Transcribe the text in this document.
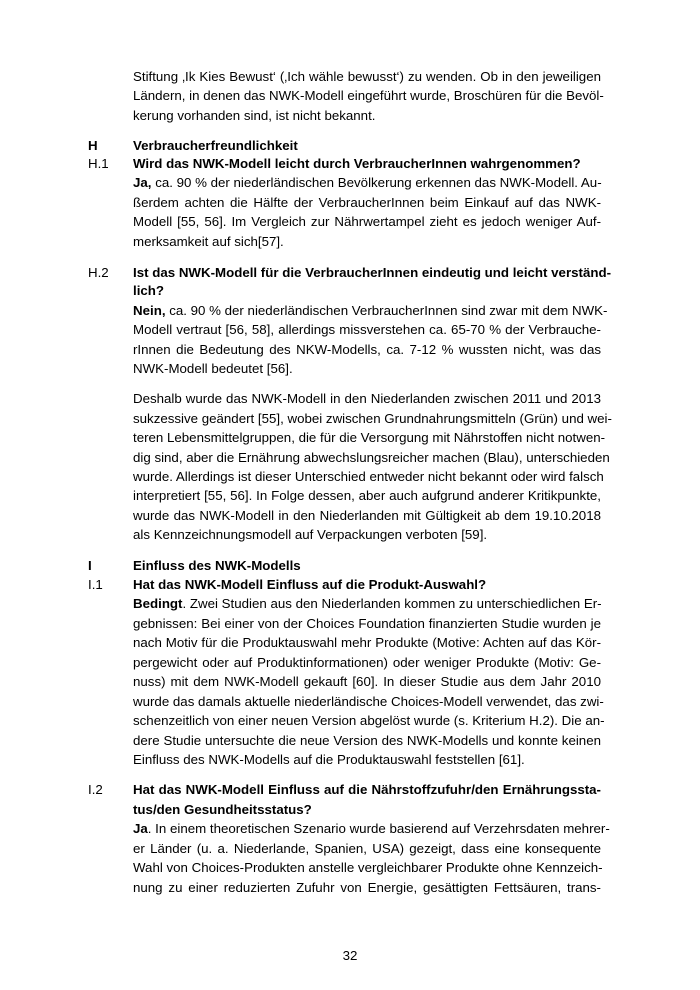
Stiftung ‚Ik Kies Bewust‘ (‚Ich wähle bewusst‘) zu wenden. Ob in den jeweiligen
Ländern, in denen das NWK-Modell eingeführt wurde, Broschüren für die Bevöl-
kerung vorhanden sind, ist nicht bekannt.
H	Verbraucherfreundlichkeit
H.1 Wird das NWK-Modell leicht durch VerbraucherInnen wahrgenommen?
Ja, ca. 90 % der niederländischen Bevölkerung erkennen das NWK-Modell. Au-
ßerdem achten die Hälfte der VerbraucherInnen beim Einkauf auf das NWK-
Modell [55, 56]. Im Vergleich zur Nährwertampel zieht es jedoch weniger Auf-
merksamkeit auf sich[57].
H.2 Ist das NWK-Modell für die VerbraucherInnen eindeutig und leicht verständ-
lich?
Nein, ca. 90 % der niederländischen VerbraucherInnen sind zwar mit dem NWK-
Modell vertraut [56, 58], allerdings missverstehen ca. 65-70 % der Verbrauche-
rInnen die Bedeutung des NKW-Modells, ca. 7-12 % wussten nicht, was das
NWK-Modell bedeutet [56].
Deshalb wurde das NWK-Modell in den Niederlanden zwischen 2011 und 2013
sukzessive geändert [55], wobei zwischen Grundnahrungsmitteln (Grün) und wei-
teren Lebensmittelgruppen, die für die Versorgung mit Nährstoffen nicht notwen-
dig sind, aber die Ernährung abwechslungsreicher machen (Blau), unterschieden
wurde. Allerdings ist dieser Unterschied entweder nicht bekannt oder wird falsch
interpretiert [55, 56]. In Folge dessen, aber auch aufgrund anderer Kritikpunkte,
wurde das NWK-Modell in den Niederlanden mit Gültigkeit ab dem 19.10.2018
als Kennzeichnungsmodell auf Verpackungen verboten [59].
I	Einfluss des NWK-Modells
I.1 Hat das NWK-Modell Einfluss auf die Produkt-Auswahl?
Bedingt. Zwei Studien aus den Niederlanden kommen zu unterschiedlichen Er-
gebnissen: Bei einer von der Choices Foundation finanzierten Studie wurden je
nach Motiv für die Produktauswahl mehr Produkte (Motive: Achten auf das Kör-
pergewicht oder auf Produktinformationen) oder weniger Produkte (Motiv: Ge-
nuss) mit dem NWK-Modell gekauft [60]. In dieser Studie aus dem Jahr 2010
wurde das damals aktuelle niederländische Choices-Modell verwendet, das zwi-
schenzeitlich von einer neuen Version abgelöst wurde (s. Kriterium H.2). Die an-
dere Studie untersuchte die neue Version des NWK-Modells und konnte keinen
Einfluss des NWK-Modells auf die Produktauswahl feststellen [61].
I.2 Hat das NWK-Modell Einfluss auf die Nährstoffzufuhr/den Ernährungssta-
tus/den Gesundheitsstatus?
Ja. In einem theoretischen Szenario wurde basierend auf Verzehrsdaten mehrer-
er Länder (u. a. Niederlande, Spanien, USA) gezeigt, dass eine konsequente
Wahl von Choices-Produkten anstelle vergleichbarer Produkte ohne Kennzeich-
nung zu einer reduzierten Zufuhr von Energie, gesättigten Fettsäuren, trans-
32
